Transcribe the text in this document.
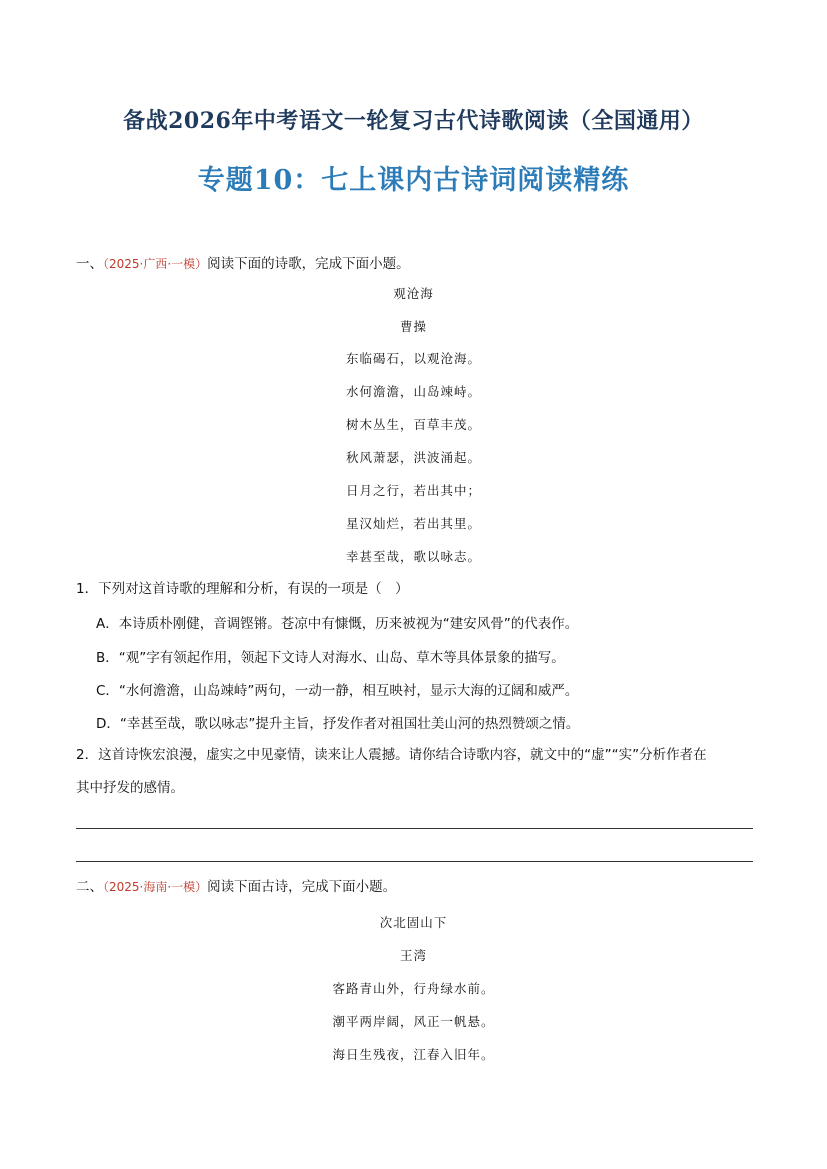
备战2026年中考语文一轮复习古代诗歌阅读（全国通用）
专题10：七上课内古诗词阅读精练
一、（2025·广西·一模）阅读下面的诗歌，完成下面小题。
观沧海
曹操
东临碣石，以观沧海。
水何澹澹，山岛竦峙。
树木丛生，百草丰茂。
秋风萧瑟，洪波涌起。
日月之行，若出其中；
星汉灿烂，若出其里。
幸甚至哉，歌以咏志。
1．下列对这首诗歌的理解和分析，有误的一项是（　）
A．本诗质朴刚健，音调铿锵。苍凉中有慷慨，历来被视为“建安风骨”的代表作。
B．“观”字有领起作用，领起下文诗人对海水、山岛、草木等具体景象的描写。
C．“水何澹澹，山岛竦峙”两句，一动一静，相互映衬，显示大海的辽阔和威严。
D．“幸甚至哉，歌以咏志”提升主旨，抒发作者对祖国壮美山河的热烈赞颂之情。
2．这首诗恢宏浪漫，虚实之中见豪情，读来让人震撼。请你结合诗歌内容，就文中的“虚”“实”分析作者在
其中抒发的感情。
二、（2025·海南·一模）阅读下面古诗，完成下面小题。
次北固山下
王湾
客路青山外，行舟绿水前。
潮平两岸阔，风正一帆悬。
海日生残夜，江春入旧年。
